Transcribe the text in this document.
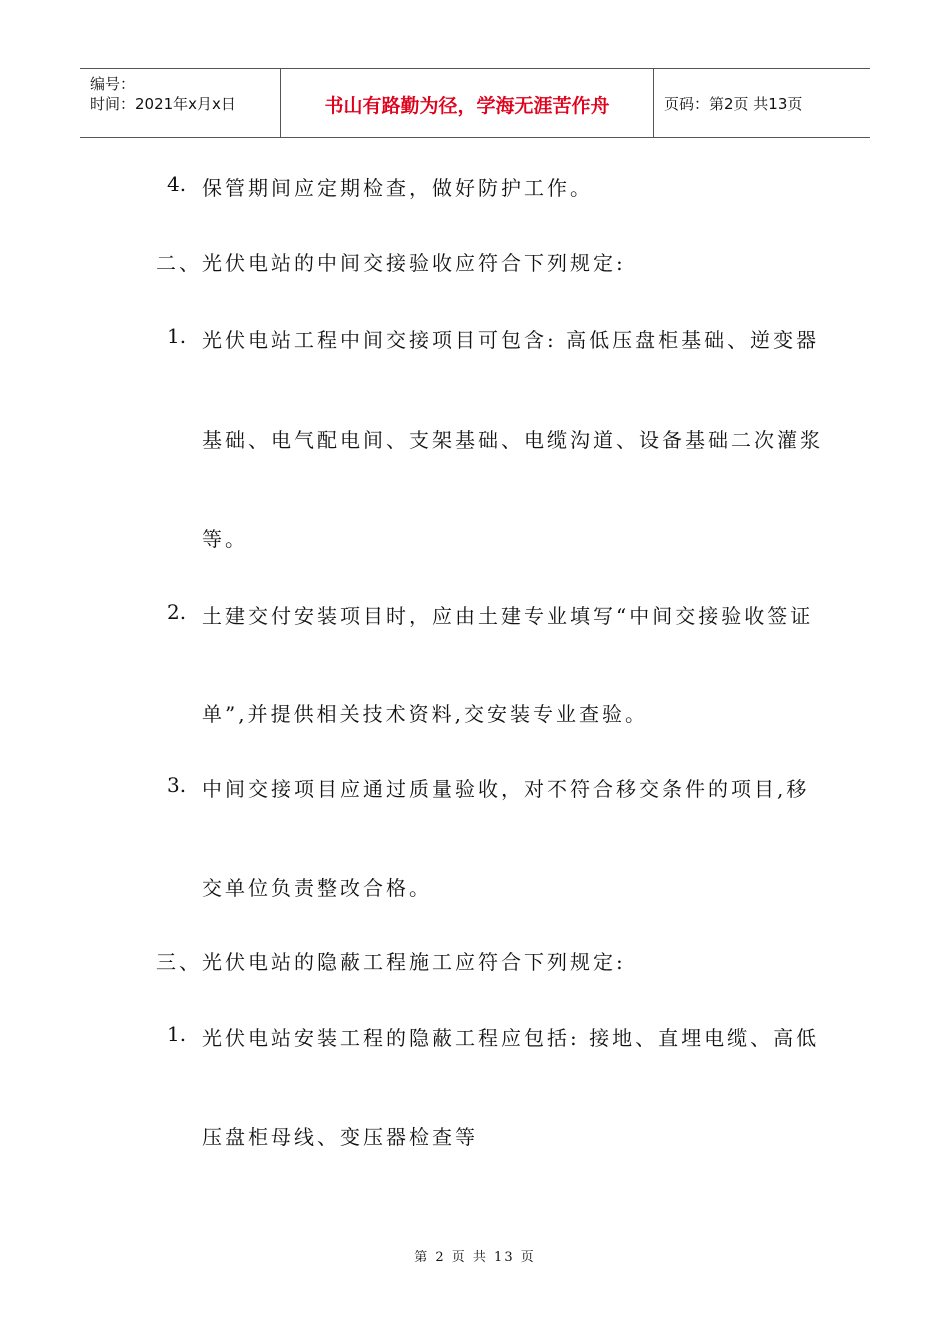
编号：
时间：2021年x月x日	书山有路勤为径，学海无涯苦作舟	页码：第2页 共13页
4. 保管期间应定期检查，做好防护工作。
二、光伏电站的中间交接验收应符合下列规定:
1. 光伏电站工程中间交接项目可包含: 高低压盘柜基础、逆变器
基础、电气配电间、支架基础、电缆沟道、设备基础二次灌浆
等。
2. 土建交付安装项目时，应由土建专业填写“中间交接验收签证
单”,并提供相关技术资料,交安装专业查验。
3. 中间交接项目应通过质量验收，对不符合移交条件的项目,移
交单位负责整改合格。
三、光伏电站的隐蔽工程施工应符合下列规定:
1. 光伏电站安装工程的隐蔽工程应包括: 接地、直埋电缆、高低
压盘柜母线、变压器检查等
第 2 页 共 13 页
